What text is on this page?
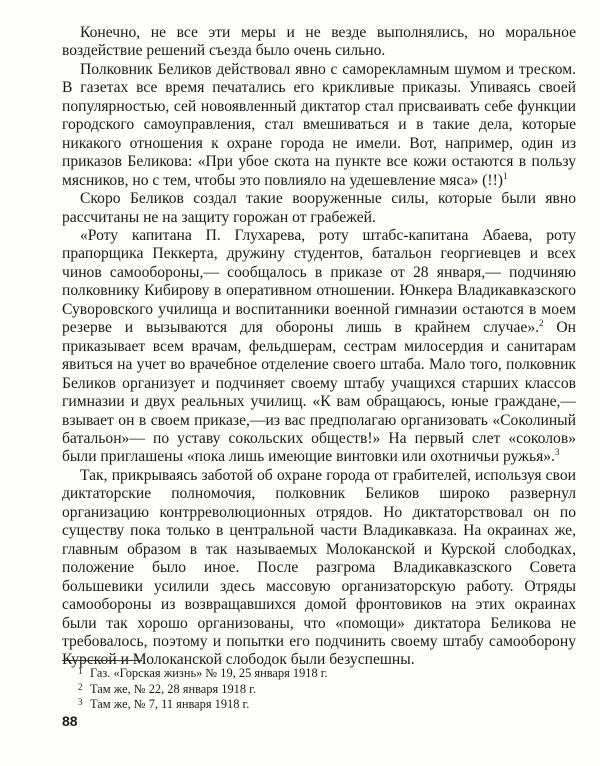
Конечно, не все эти меры и не везде выполнялись, но моральное воздействие решений съезда было очень сильно.

Полковник Беликов действовал явно с саморекламным шумом и треском. В газетах все время печатались его крикливые приказы. Упиваясь своей популярностью, сей новоявленный диктатор стал присваивать себе функции городского самоуправления, стал вмешиваться и в такие дела, которые никакого отношения к охране города не имели. Вот, например, один из приказов Беликова: «При убое скота на пункте все кожи остаются в пользу мясников, но с тем, чтобы это повлияло на удешевление мяса» (!!)$^1$

Скоро Беликов создал такие вооруженные силы, которые были явно рассчитаны не на защиту горожан от грабежей.

«Роту капитана П. Глухарева, роту штабс-капитана Абаева, роту прапорщика Пеккерта, дружину студентов, батальон георгиевцев и всех чинов самообороны,— сообщалось в приказе от 28 января,— подчиняю полковнику Кибирову в оперативном отношении. Юнкера Владикавказского Суворовского училища и воспитанники военной гимназии остаются в моем резерве и вызываются для обороны лишь в крайнем случае».$^2$ Он приказывает всем врачам, фельдшерам, сестрам милосердия и санитарам явиться на учет во врачебное отделение своего штаба. Мало того, полковник Беликов организует и подчиняет своему штабу учащихся старших классов гимназии и двух реальных училищ. «К вам обращаюсь, юные граждане,— взывает он в своем приказе,—из вас предполагаю организовать «Соколиный батальон»— по уставу сокольских обществ!» На первый слет «соколов» были приглашены «пока лишь имеющие винтовки или охотничьи ружья».$^3$

Так, прикрываясь заботой об охране города от грабителей, используя свои диктаторские полномочия, полковник Беликов широко развернул организацию контрреволюционных отрядов. Но диктаторствовал он по существу пока только в центральной части Владикавказа. На окраинах же, главным образом в так называемых Молоканской и Курской слободках, положение было иное. После разгрома Владикавказского Совета большевики усилили здесь массовую организаторскую работу. Отряды самообороны из возвращавшихся домой фронтовиков на этих окраинах были так хорошо организованы, что «помощи» диктатора Беликова не требовалось, поэтому и попытки его подчинить своему штабу самооборону Курской и Молоканской слободок были безуспешны.

1 Газ. «Горская жизнь» № 19, 25 января 1918 г.
2 Там же, № 22, 28 января 1918 г.
3 Там же, № 7, 11 января 1918 г.
88
